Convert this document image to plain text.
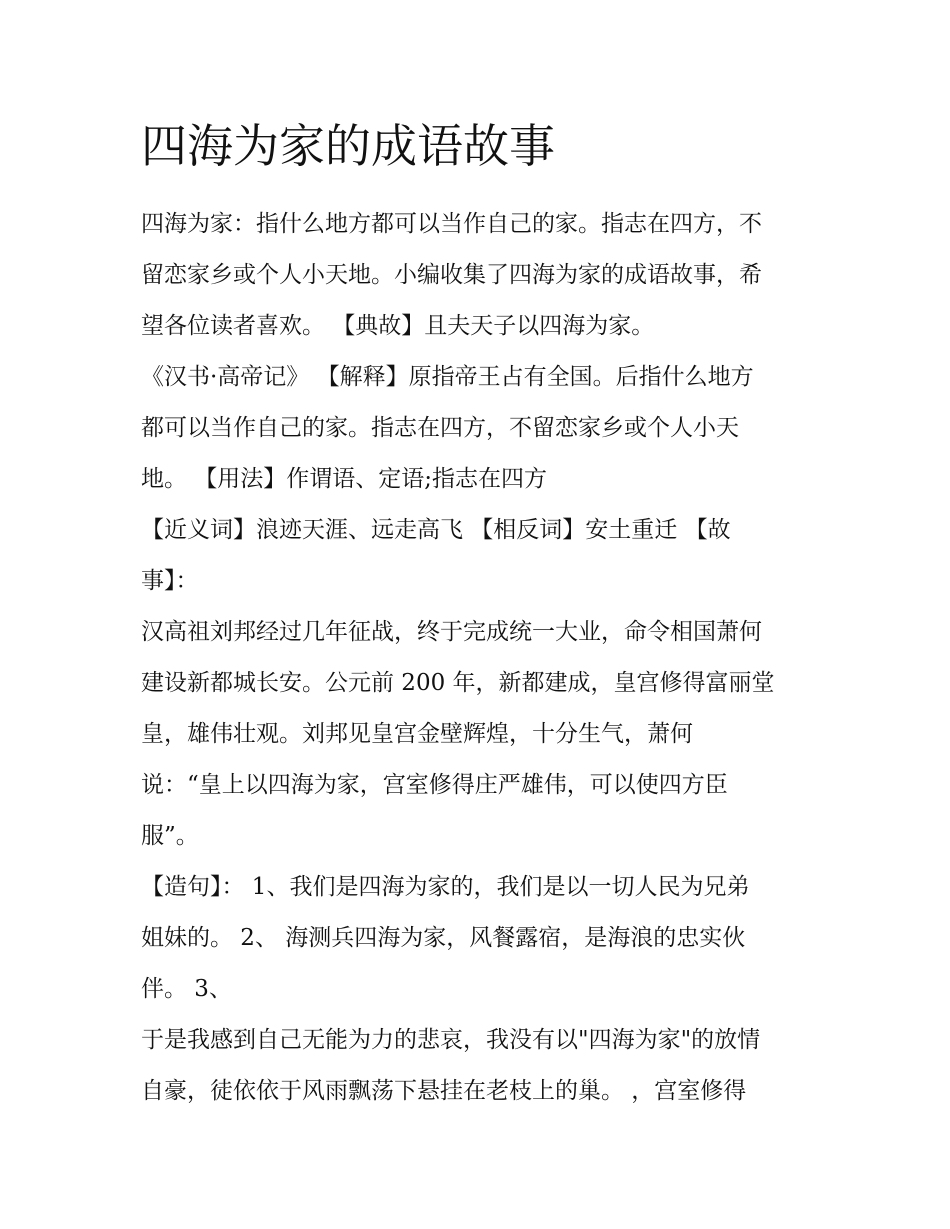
四海为家的成语故事

四海为家：指什么地方都可以当作自己的家。指志在四方，不

留恋家乡或个人小天地。小编收集了四海为家的成语故事，希

望各位读者喜欢。 【典故】且夫天子以四海为家。

《汉书·高帝记》 【解释】原指帝王占有全国。后指什么地方

都可以当作自己的家。指志在四方，不留恋家乡或个人小天

地。 【用法】作谓语、定语;指志在四方

【近义词】浪迹天涯、远走高飞 【相反词】安土重迁 【故

事】：

汉高祖刘邦经过几年征战，终于完成统一大业，命令相国萧何

建设新都城长安。公元前 200 年，新都建成，皇宫修得富丽堂

皇，雄伟壮观。刘邦见皇宫金壁辉煌，十分生气，萧何

说：“皇上以四海为家，宫室修得庄严雄伟，可以使四方臣

服”。

【造句】： 1、我们是四海为家的，我们是以一切人民为兄弟

姐妹的。 2、 海测兵四海为家，风餐露宿，是海浪的忠实伙

伴。 3、

于是我感到自己无能为力的悲哀，我没有以"四海为家"的放情

自豪，徒依依于风雨飘荡下悬挂在老枝上的巢。 ，宫室修得
